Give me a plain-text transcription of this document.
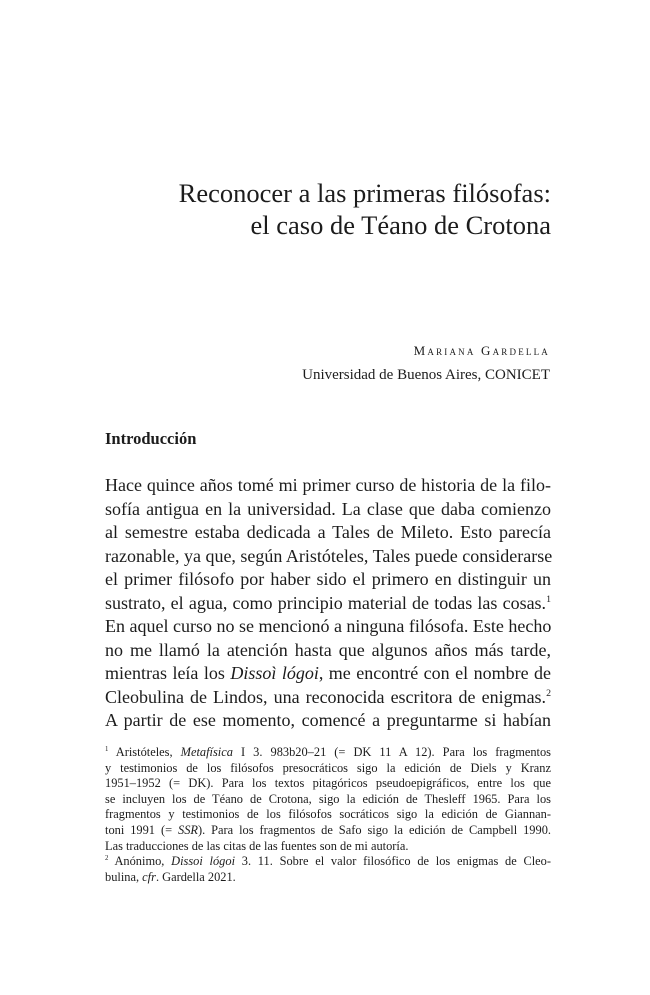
Reconocer a las primeras filósofas:
el caso de Téano de Crotona
Mariana Gardella
Universidad de Buenos Aires, CONICET
Introducción
Hace quince años tomé mi primer curso de historia de la filo-
sofía antigua en la universidad. La clase que daba comienzo
al semestre estaba dedicada a Tales de Mileto. Esto parecía
razonable, ya que, según Aristóteles, Tales puede considerarse
el primer filósofo por haber sido el primero en distinguir un
sustrato, el agua, como principio material de todas las cosas.$^1$
En aquel curso no se mencionó a ninguna filósofa. Este hecho
no me llamó la atención hasta que algunos años más tarde,
mientras leía los Dissoì lógoi, me encontré con el nombre de
Cleobulina de Lindos, una reconocida escritora de enigmas.$^2$
A partir de ese momento, comencé a preguntarme si habían
$^1$ Aristóteles, Metafísica I 3. 983b20–21 (= DK 11 A 12). Para los fragmentos
y testimonios de los filósofos presocráticos sigo la edición de Diels y Kranz
1951–1952 (= DK). Para los textos pitagóricos pseudoepigráficos, entre los que
se incluyen los de Téano de Crotona, sigo la edición de Thesleff 1965. Para los
fragmentos y testimonios de los filósofos socráticos sigo la edición de Giannan-
toni 1991 (= SSR). Para los fragmentos de Safo sigo la edición de Campbell 1990.
Las traducciones de las citas de las fuentes son de mi autoría.
$^2$ Anónimo, Dissoi lógoi 3. 11. Sobre el valor filosófico de los enigmas de Cleo-
bulina, cfr. Gardella 2021.
